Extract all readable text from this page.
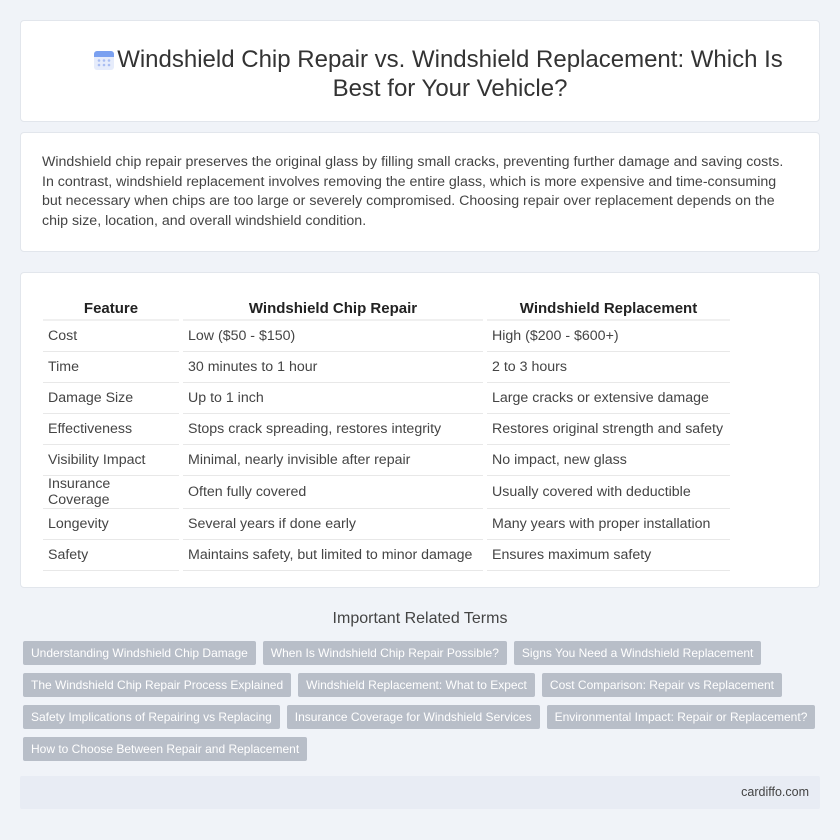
Windshield Chip Repair vs. Windshield Replacement: Which Is Best for Your Vehicle?

Windshield chip repair preserves the original glass by filling small cracks, preventing further damage and saving costs. In contrast, windshield replacement involves removing the entire glass, which is more expensive and time-consuming but necessary when chips are too large or severely compromised. Choosing repair over replacement depends on the chip size, location, and overall windshield condition.

Feature		Windshield Chip Repair		Windshield Replacement
Cost		Low ($50 - $150)		High ($200 - $600+)
Time		30 minutes to 1 hour		2 to 3 hours
Damage Size		Up to 1 inch		Large cracks or extensive damage
Effectiveness		Stops crack spreading, restores integrity		Restores original strength and safety
Visibility Impact		Minimal, nearly invisible after repair		No impact, new glass
Insurance Coverage		Often fully covered		Usually covered with deductible
Longevity		Several years if done early		Many years with proper installation
Safety		Maintains safety, but limited to minor damage		Ensures maximum safety
Important Related Terms
Understanding Windshield Chip Damage	When Is Windshield Chip Repair Possible?	Signs You Need a Windshield Replacement
The Windshield Chip Repair Process Explained	Windshield Replacement: What to Expect	Cost Comparison: Repair vs Replacement
Safety Implications of Repairing vs Replacing	Insurance Coverage for Windshield Services	Environmental Impact: Repair or Replacement?
How to Choose Between Repair and Replacement
cardiffo.com
